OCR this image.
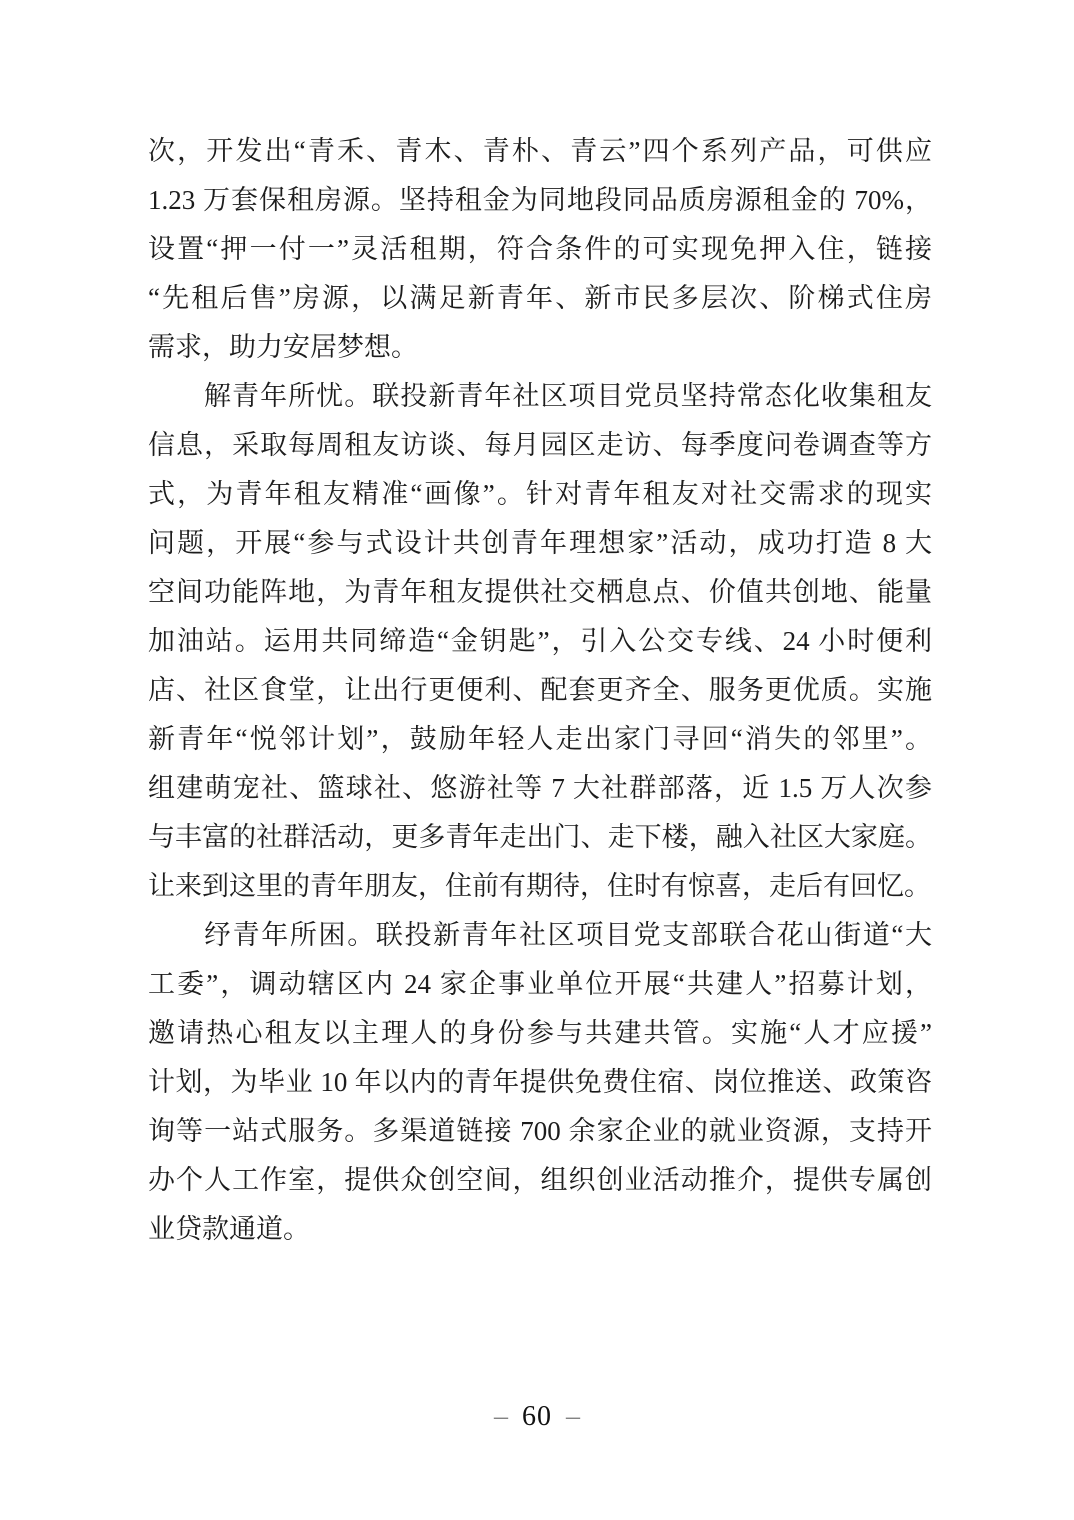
次，开发出“青禾、青木、青朴、青云”四个系列产品，可供应
1.23 万套保租房源。坚持租金为同地段同品质房源租金的 70%，
设置“押一付一”灵活租期，符合条件的可实现免押入住，链接
“先租后售”房源，以满足新青年、新市民多层次、阶梯式住房
需求，助力安居梦想。
解青年所忧。联投新青年社区项目党员坚持常态化收集租友
信息，采取每周租友访谈、每月园区走访、每季度问卷调查等方
式，为青年租友精准“画像”。针对青年租友对社交需求的现实
问题，开展“参与式设计共创青年理想家”活动，成功打造 8 大
空间功能阵地，为青年租友提供社交栖息点、价值共创地、能量
加油站。运用共同缔造“金钥匙”，引入公交专线、24 小时便利
店、社区食堂，让出行更便利、配套更齐全、服务更优质。实施
新青年“悦邻计划”，鼓励年轻人走出家门寻回“消失的邻里”。
组建萌宠社、篮球社、悠游社等 7 大社群部落，近 1.5 万人次参
与丰富的社群活动，更多青年走出门、走下楼，融入社区大家庭。
让来到这里的青年朋友，住前有期待，住时有惊喜，走后有回忆。
纾青年所困。联投新青年社区项目党支部联合花山街道“大
工委”，调动辖区内 24 家企事业单位开展“共建人”招募计划，
邀请热心租友以主理人的身份参与共建共管。实施“人才应援”
计划，为毕业 10 年以内的青年提供免费住宿、岗位推送、政策咨
询等一站式服务。多渠道链接 700 余家企业的就业资源，支持开
办个人工作室，提供众创空间，组织创业活动推介，提供专属创
业贷款通道。
– 60 –
